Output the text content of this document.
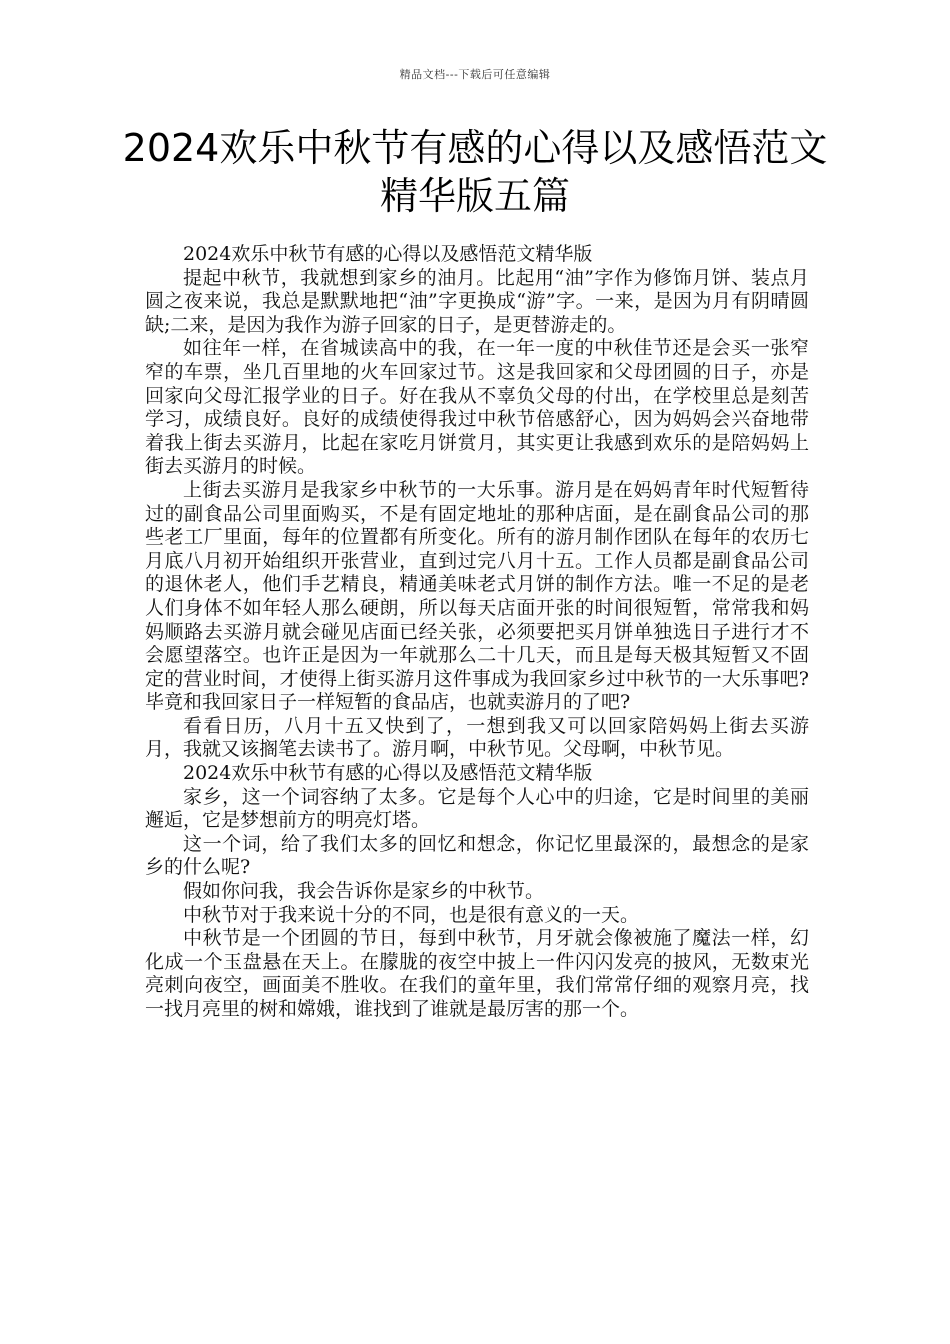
精品文档---下载后可任意编辑
2024欢乐中秋节有感的心得以及感悟范文精华版五篇

2024欢乐中秋节有感的心得以及感悟范文精华版

提起中秋节，我就想到家乡的油月。比起用“油”字作为修饰月饼、装点月圆之夜来说，我总是默默地把“油”字更换成“游”字。一来，是因为月有阴晴圆缺;二来，是因为我作为游子回家的日子，是更替游走的。

如往年一样，在省城读高中的我，在一年一度的中秋佳节还是会买一张窄窄的车票，坐几百里地的火车回家过节。这是我回家和父母团圆的日子，亦是回家向父母汇报学业的日子。好在我从不辜负父母的付出，在学校里总是刻苦学习，成绩良好。良好的成绩使得我过中秋节倍感舒心，因为妈妈会兴奋地带着我上街去买游月，比起在家吃月饼赏月，其实更让我感到欢乐的是陪妈妈上街去买游月的时候。

上街去买游月是我家乡中秋节的一大乐事。游月是在妈妈青年时代短暂待过的副食品公司里面购买，不是有固定地址的那种店面，是在副食品公司的那些老工厂里面，每年的位置都有所变化。所有的游月制作团队在每年的农历七月底八月初开始组织开张营业，直到过完八月十五。工作人员都是副食品公司的退休老人，他们手艺精良，精通美味老式月饼的制作方法。唯一不足的是老人们身体不如年轻人那么硬朗，所以每天店面开张的时间很短暂，常常我和妈妈顺路去买游月就会碰见店面已经关张，必须要把买月饼单独选日子进行才不会愿望落空。也许正是因为一年就那么二十几天，而且是每天极其短暂又不固定的营业时间，才使得上街买游月这件事成为我回家乡过中秋节的一大乐事吧?毕竟和我回家日子一样短暂的食品店，也就卖游月的了吧?

看看日历，八月十五又快到了，一想到我又可以回家陪妈妈上街去买游月，我就又该搁笔去读书了。游月啊，中秋节见。父母啊，中秋节见。

2024欢乐中秋节有感的心得以及感悟范文精华版

家乡，这一个词容纳了太多。它是每个人心中的归途，它是时间里的美丽邂逅，它是梦想前方的明亮灯塔。

这一个词，给了我们太多的回忆和想念，你记忆里最深的，最想念的是家乡的什么呢?

假如你问我，我会告诉你是家乡的中秋节。

中秋节对于我来说十分的不同，也是很有意义的一天。

中秋节是一个团圆的节日，每到中秋节，月牙就会像被施了魔法一样，幻化成一个玉盘悬在天上。在朦胧的夜空中披上一件闪闪发亮的披风，无数束光亮刺向夜空，画面美不胜收。在我们的童年里，我们常常仔细的观察月亮，找一找月亮里的树和嫦娥，谁找到了谁就是最厉害的那一个。
